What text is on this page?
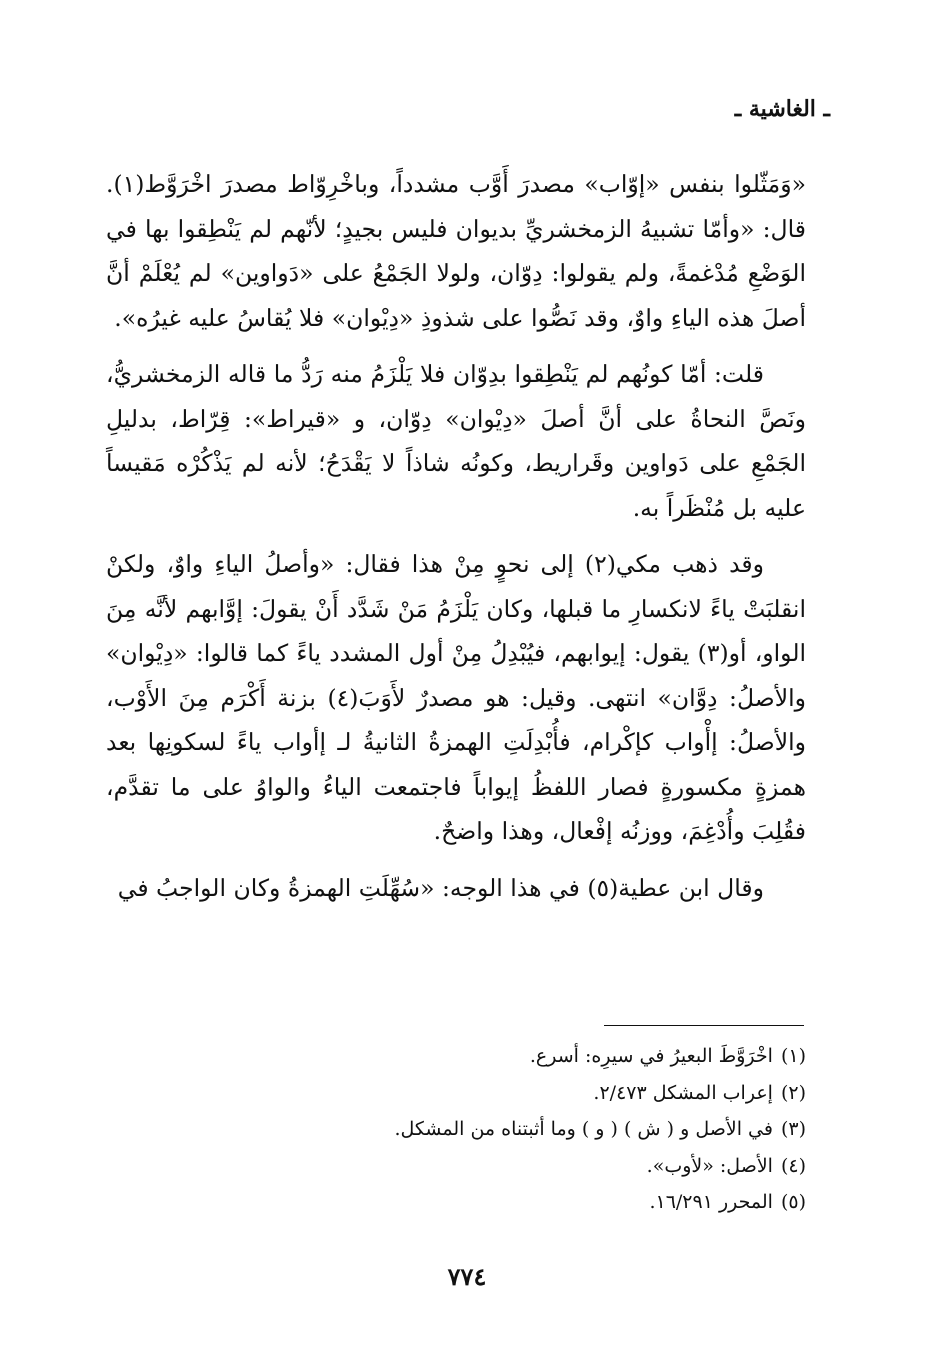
ـ الغاشية ـ

«وَمَثّلوا بنفس «إوّاب» مصدرَ أَوَّب مشدداً، وباخْرِوّاط مصدرَ اخْرَوَّط(١). قال: «وأمّا تشبيهُ الزمخشريِّ بديوان فليس بجيدٍ؛ لأنّهم لم يَنْطِقوا بها في الوَضْعِ مُدْغمةً، ولم يقولوا: دِوّان، ولولا الجَمْعُ على «دَواوين» لم يُعْلَمْ أنَّ أصلَ هذه الياءِ واوٌ، وقد نَصُّوا على شذوذِ «دِيْوان» فلا يُقاسُ عليه غيرُه».

قلت: أمّا كونُهم لم يَنْطِقوا بدِوّان فلا يَلْزَمُ منه رَدُّ ما قاله الزمخشريُّ، ونَصَّ النحاةُ على أنَّ أصلَ «دِيْوان» دِوّان، و «قيراط»: قِرّاط، بدليلِ الجَمْعِ على دَواوين وقَراريط، وكونُه شاذاً لا يَقْدَحُ؛ لأنه لم يَذْكُرْه مَقيساً عليه بل مُنْظَراً به.

وقد ذهب مكي(٢) إلى نحوٍ مِنْ هذا فقال: «وأصلُ الياءِ واوٌ، ولكنْ انقلبَتْ ياءً لانكسارِ ما قبلها، وكان يَلْزَمُ مَنْ شَدَّد أَنْ يقولَ: إوَّابهم لأنَّه مِنَ الواو، أو(٣) يقول: إيوابهم، فيُبْدِلُ مِنْ أول المشدد ياءً كما قالوا: «دِيْوان» والأصلُ: دِوَّان» انتهى. وقيل: هو مصدرٌ لأَوَبَ(٤) بزنة أَكْرَم مِنَ الأَوْب، والأصلُ: إأْواب كإكْرام، فأُبْدِلَتِ الهمزةُ الثانيةُ لـ إأواب ياءً لسكونِها بعد همزةٍ مكسورةٍ فصار اللفظُ إيواباً فاجتمعت الياءُ والواوُ على ما تقدَّم، فقُلِبَ وأُدْغِمَ، ووزنُه إفْعال، وهذا واضحٌ.

وقال ابن عطية(٥) في هذا الوجه: «سُهِّلَتِ الهمزةُ وكان الواجبُ في

(١)اخْرَوَّطَ البعيرُ في سيرِه: أسرع.
(٢)إعراب المشكل ٢/٤٧٣.
(٣)في الأصل و ( ش ) ( و ) وما أثبتناه من المشكل.
(٤)الأصل: «لأوب».
(٥)المحرر ١٦/٢٩١.
٧٧٤
